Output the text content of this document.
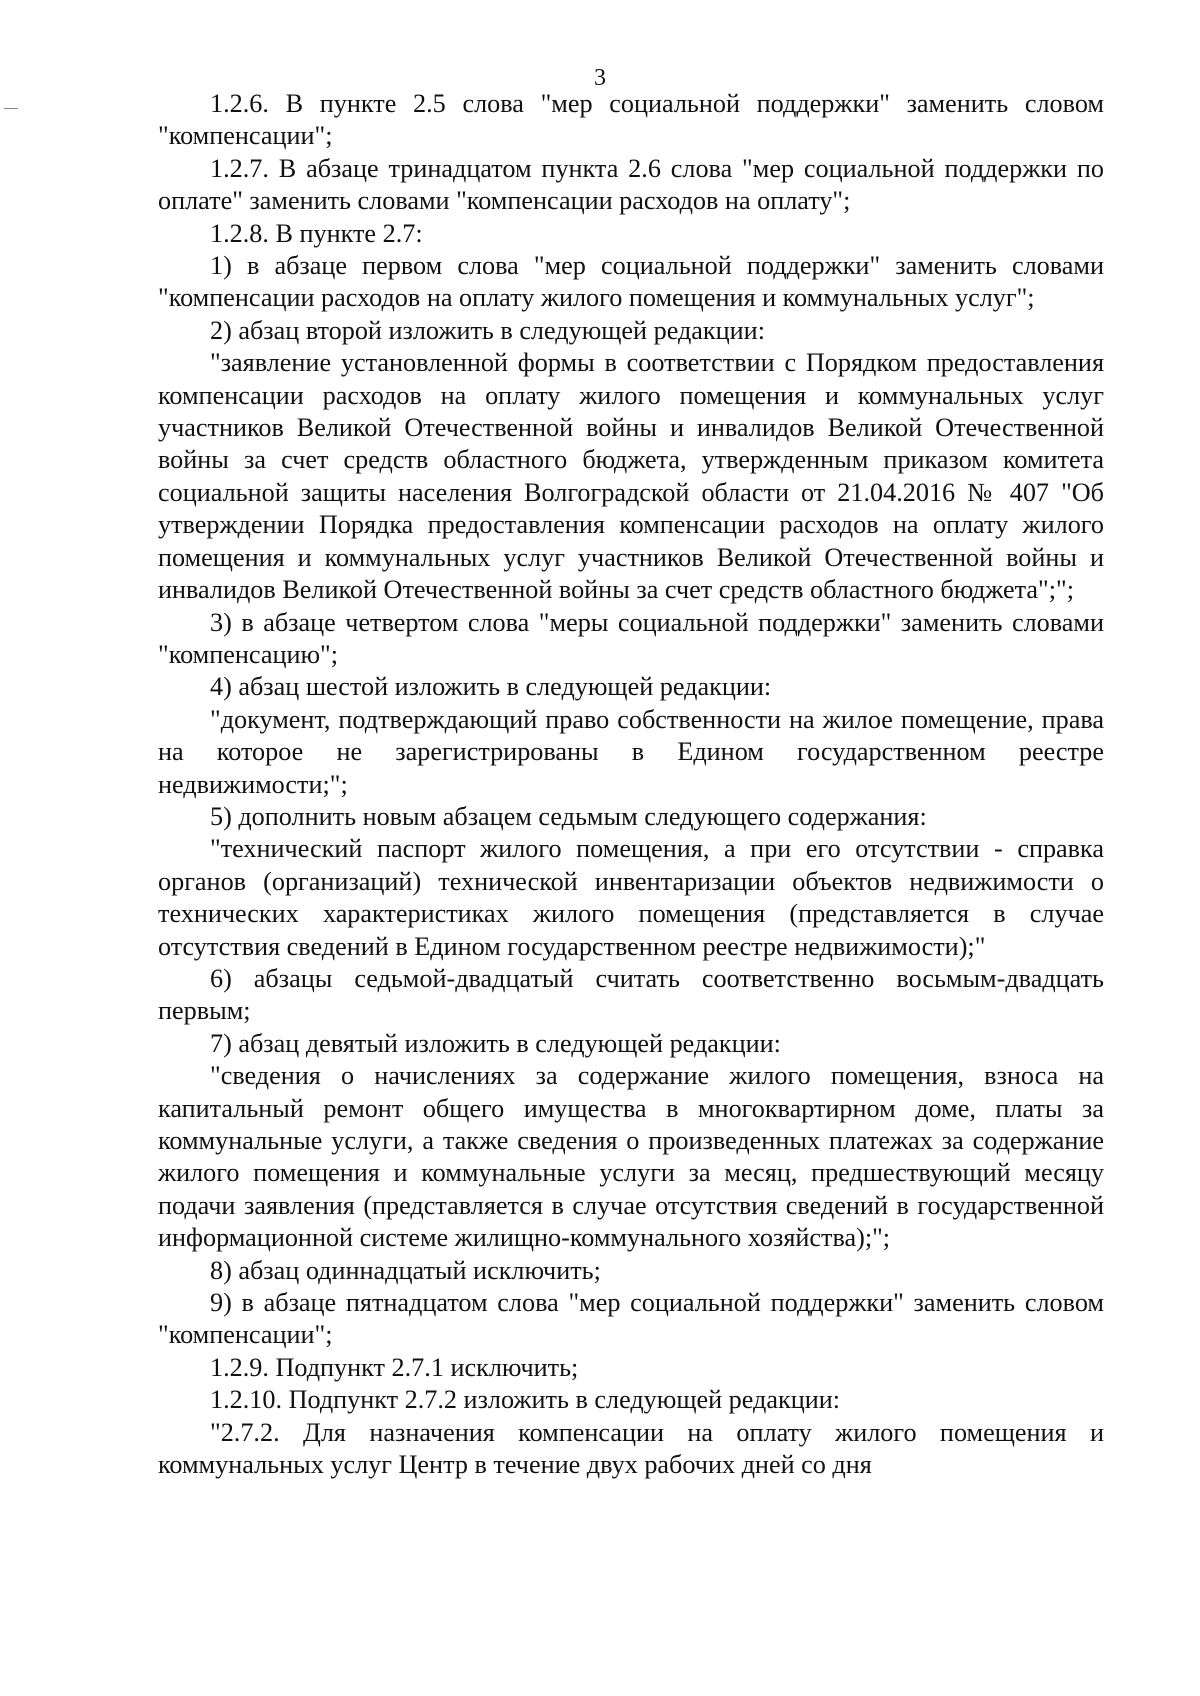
3

1.2.6. В пункте 2.5 слова "мер социальной поддержки" заменить словом "компенсации";

1.2.7. В абзаце тринадцатом пункта 2.6 слова "мер социальной поддержки по оплате" заменить словами "компенсации расходов на оплату";

1.2.8. В пункте 2.7:

1) в абзаце первом слова "мер социальной поддержки" заменить словами "компенсации расходов на оплату жилого помещения и коммунальных услуг";

2) абзац второй изложить в следующей редакции:

"заявление установленной формы в соответствии с Порядком предоставления компенсации расходов на оплату жилого помещения и коммунальных услуг участников Великой Отечественной войны и инвалидов Великой Отечественной войны за счет средств областного бюджета, утвержденным приказом комитета социальной защиты населения Волгоградской области от 21.04.2016 № 407 "Об утверждении Порядка предоставления компенсации расходов на оплату жилого помещения и коммунальных услуг участников Великой Отечественной войны и инвалидов Великой Отечественной войны за счет средств областного бюджета";";

3) в абзаце четвертом слова "меры социальной поддержки" заменить словами "компенсацию";

4) абзац шестой изложить в следующей редакции:

"документ, подтверждающий право собственности на жилое помещение, права на которое не зарегистрированы в Едином государственном реестре недвижимости;";

5) дополнить новым абзацем седьмым следующего содержания:

"технический паспорт жилого помещения, а при его отсутствии - справка органов (организаций) технической инвентаризации объектов недвижимости о технических характеристиках жилого помещения (представляется в случае отсутствия сведений в Едином государственном реестре недвижимости);"

6) абзацы седьмой-двадцатый считать соответственно восьмым-двадцать первым;

7) абзац девятый изложить в следующей редакции:

"сведения о начислениях за содержание жилого помещения, взноса на капитальный ремонт общего имущества в многоквартирном доме, платы за коммунальные услуги, а также сведения о произведенных платежах за содержание жилого помещения и коммунальные услуги за месяц, предшествующий месяцу подачи заявления (представляется в случае отсутствия сведений в государственной информационной системе жилищно-коммунального хозяйства);";

8) абзац одиннадцатый исключить;

9) в абзаце пятнадцатом слова "мер социальной поддержки" заменить словом "компенсации";

1.2.9. Подпункт 2.7.1 исключить;

1.2.10. Подпункт 2.7.2 изложить в следующей редакции:

"2.7.2. Для назначения компенсации на оплату жилого помещения и коммунальных услуг Центр в течение двух рабочих дней со дня
